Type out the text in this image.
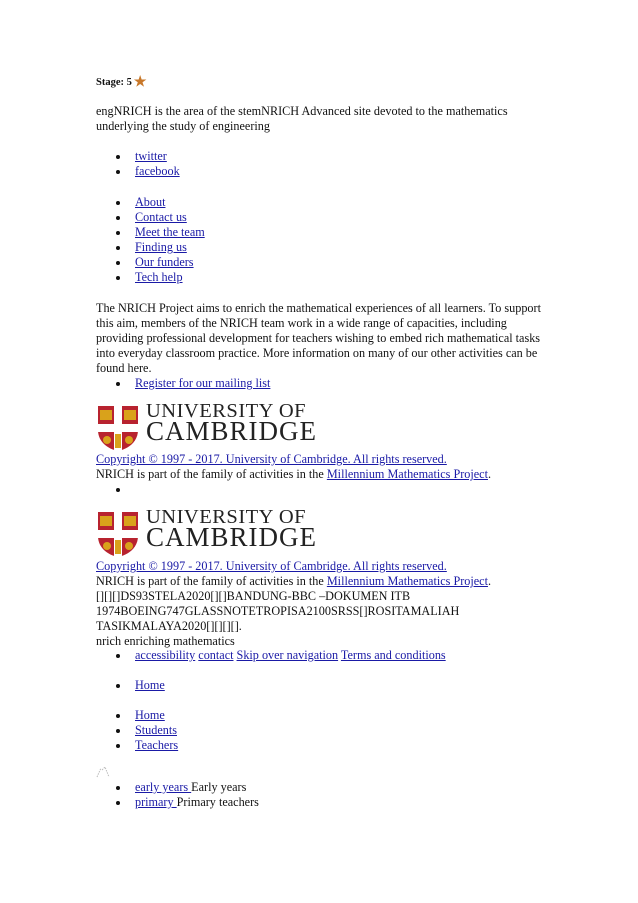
Stage: 5 ★
engNRICH is the area of the stemNRICH Advanced site devoted to the mathematics underlying the study of engineering
twitter
facebook
About
Contact us
Meet the team
Finding us
Our funders
Tech help
The NRICH Project aims to enrich the mathematical experiences of all learners. To support this aim, members of the NRICH team work in a wide range of capacities, including providing professional development for teachers wishing to embed rich mathematical tasks into everyday classroom practice. More information on many of our other activities can be found here.
Register for our mailing list
UNIVERSITY OF
CAMBRIDGE
Copyright © 1997 - 2017. University of Cambridge. All rights reserved.
NRICH is part of the family of activities in the Millennium Mathematics Project.
UNIVERSITY OF
CAMBRIDGE
Copyright © 1997 - 2017. University of Cambridge. All rights reserved.
NRICH is part of the family of activities in the Millennium Mathematics Project.
[][][]DS93STELA2020[][]BANDUNG-BBC –DOKUMEN ITB
1974BOEING747GLASSNOTETROPISA2100SRSS[]ROSITAMALIAH
TASIKMALAYA2020[][][][].
nrich enriching mathematics
accessibility contact Skip over navigation Terms and conditions
Home
Home
Students
Teachers
early years Early years
primary Primary teachers
